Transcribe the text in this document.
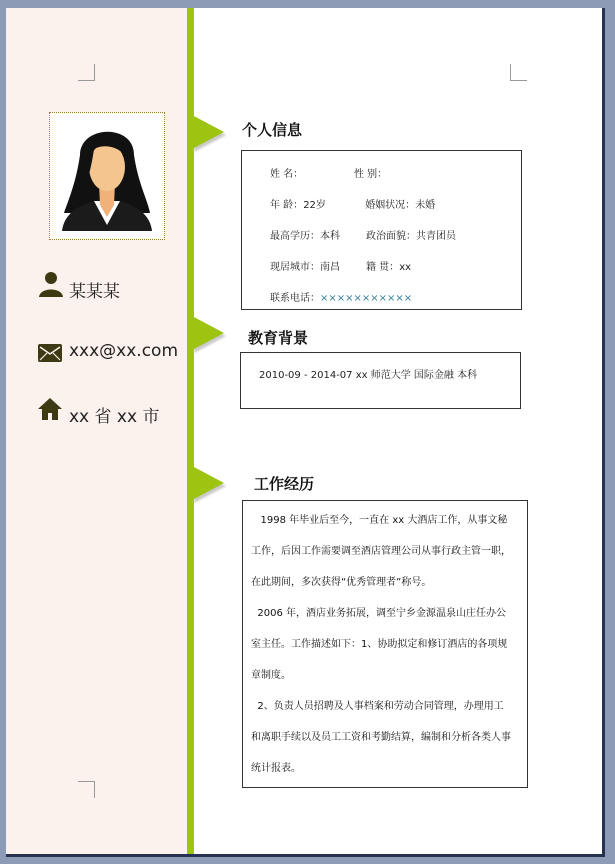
某某某
xxx@xx.com
xx 省 xx 市
个人信息
教育背景
工作经历
姓 名：	性 别：
年 龄：22岁	婚姻状况：未婚
最高学历：本科	政治面貌：共青团员
现居城市：南昌	籍 贯：xx
联系电话：×××××××××××
2010-09 - 2014-07 xx 师范大学 国际金融 本科
1998 年毕业后至今，一直在 xx 大酒店工作，从事文秘
工作，后因工作需要调至酒店管理公司从事行政主管一职，
在此期间，多次获得“优秀管理者”称号。
2006 年，酒店业务拓展，调至宁乡金源温泉山庄任办公
室主任。工作描述如下：1、协助拟定和修订酒店的各项规
章制度。
2、负责人员招聘及人事档案和劳动合同管理，办理用工
和离职手续以及员工工资和考勤结算，编制和分析各类人事
统计报表。
